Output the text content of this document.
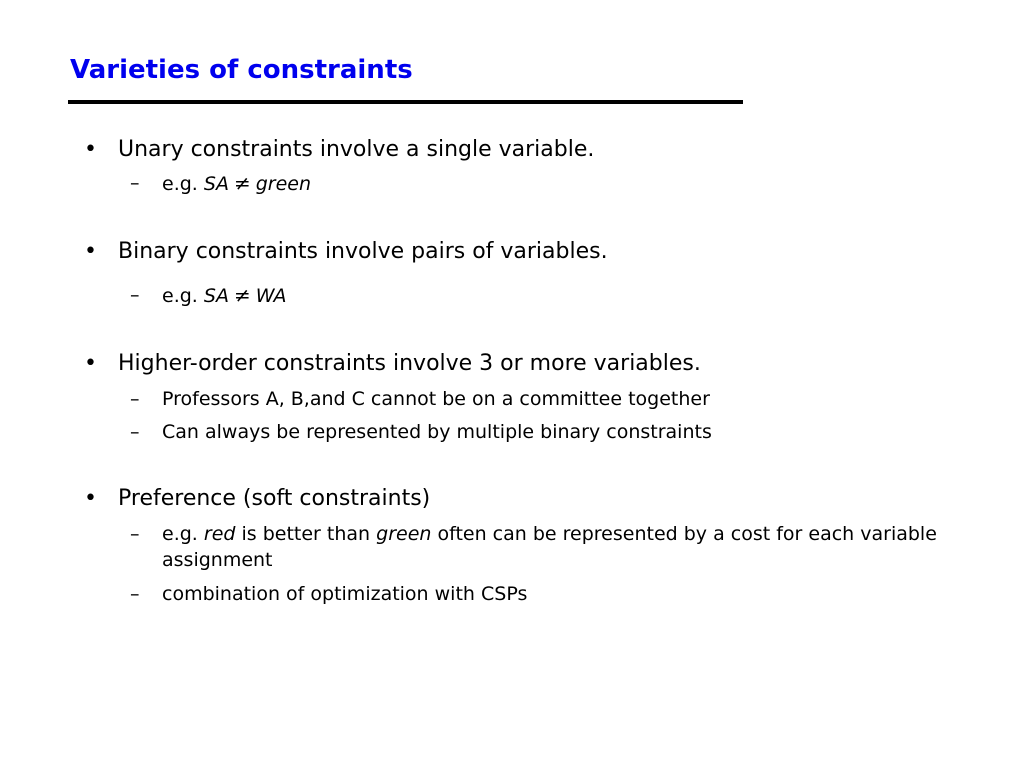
Varieties of constraints
• Unary constraints involve a single variable.
– e.g. SA ≠ green
• Binary constraints involve pairs of variables.
– e.g. SA ≠ WA
• Higher-order constraints involve 3 or more variables.
– Professors A, B,and C cannot be on a committee together
– Can always be represented by multiple binary constraints
• Preference (soft constraints)
– e.g. red is better than green often can be represented by a cost for each variable assignment
– combination of optimization with CSPs
